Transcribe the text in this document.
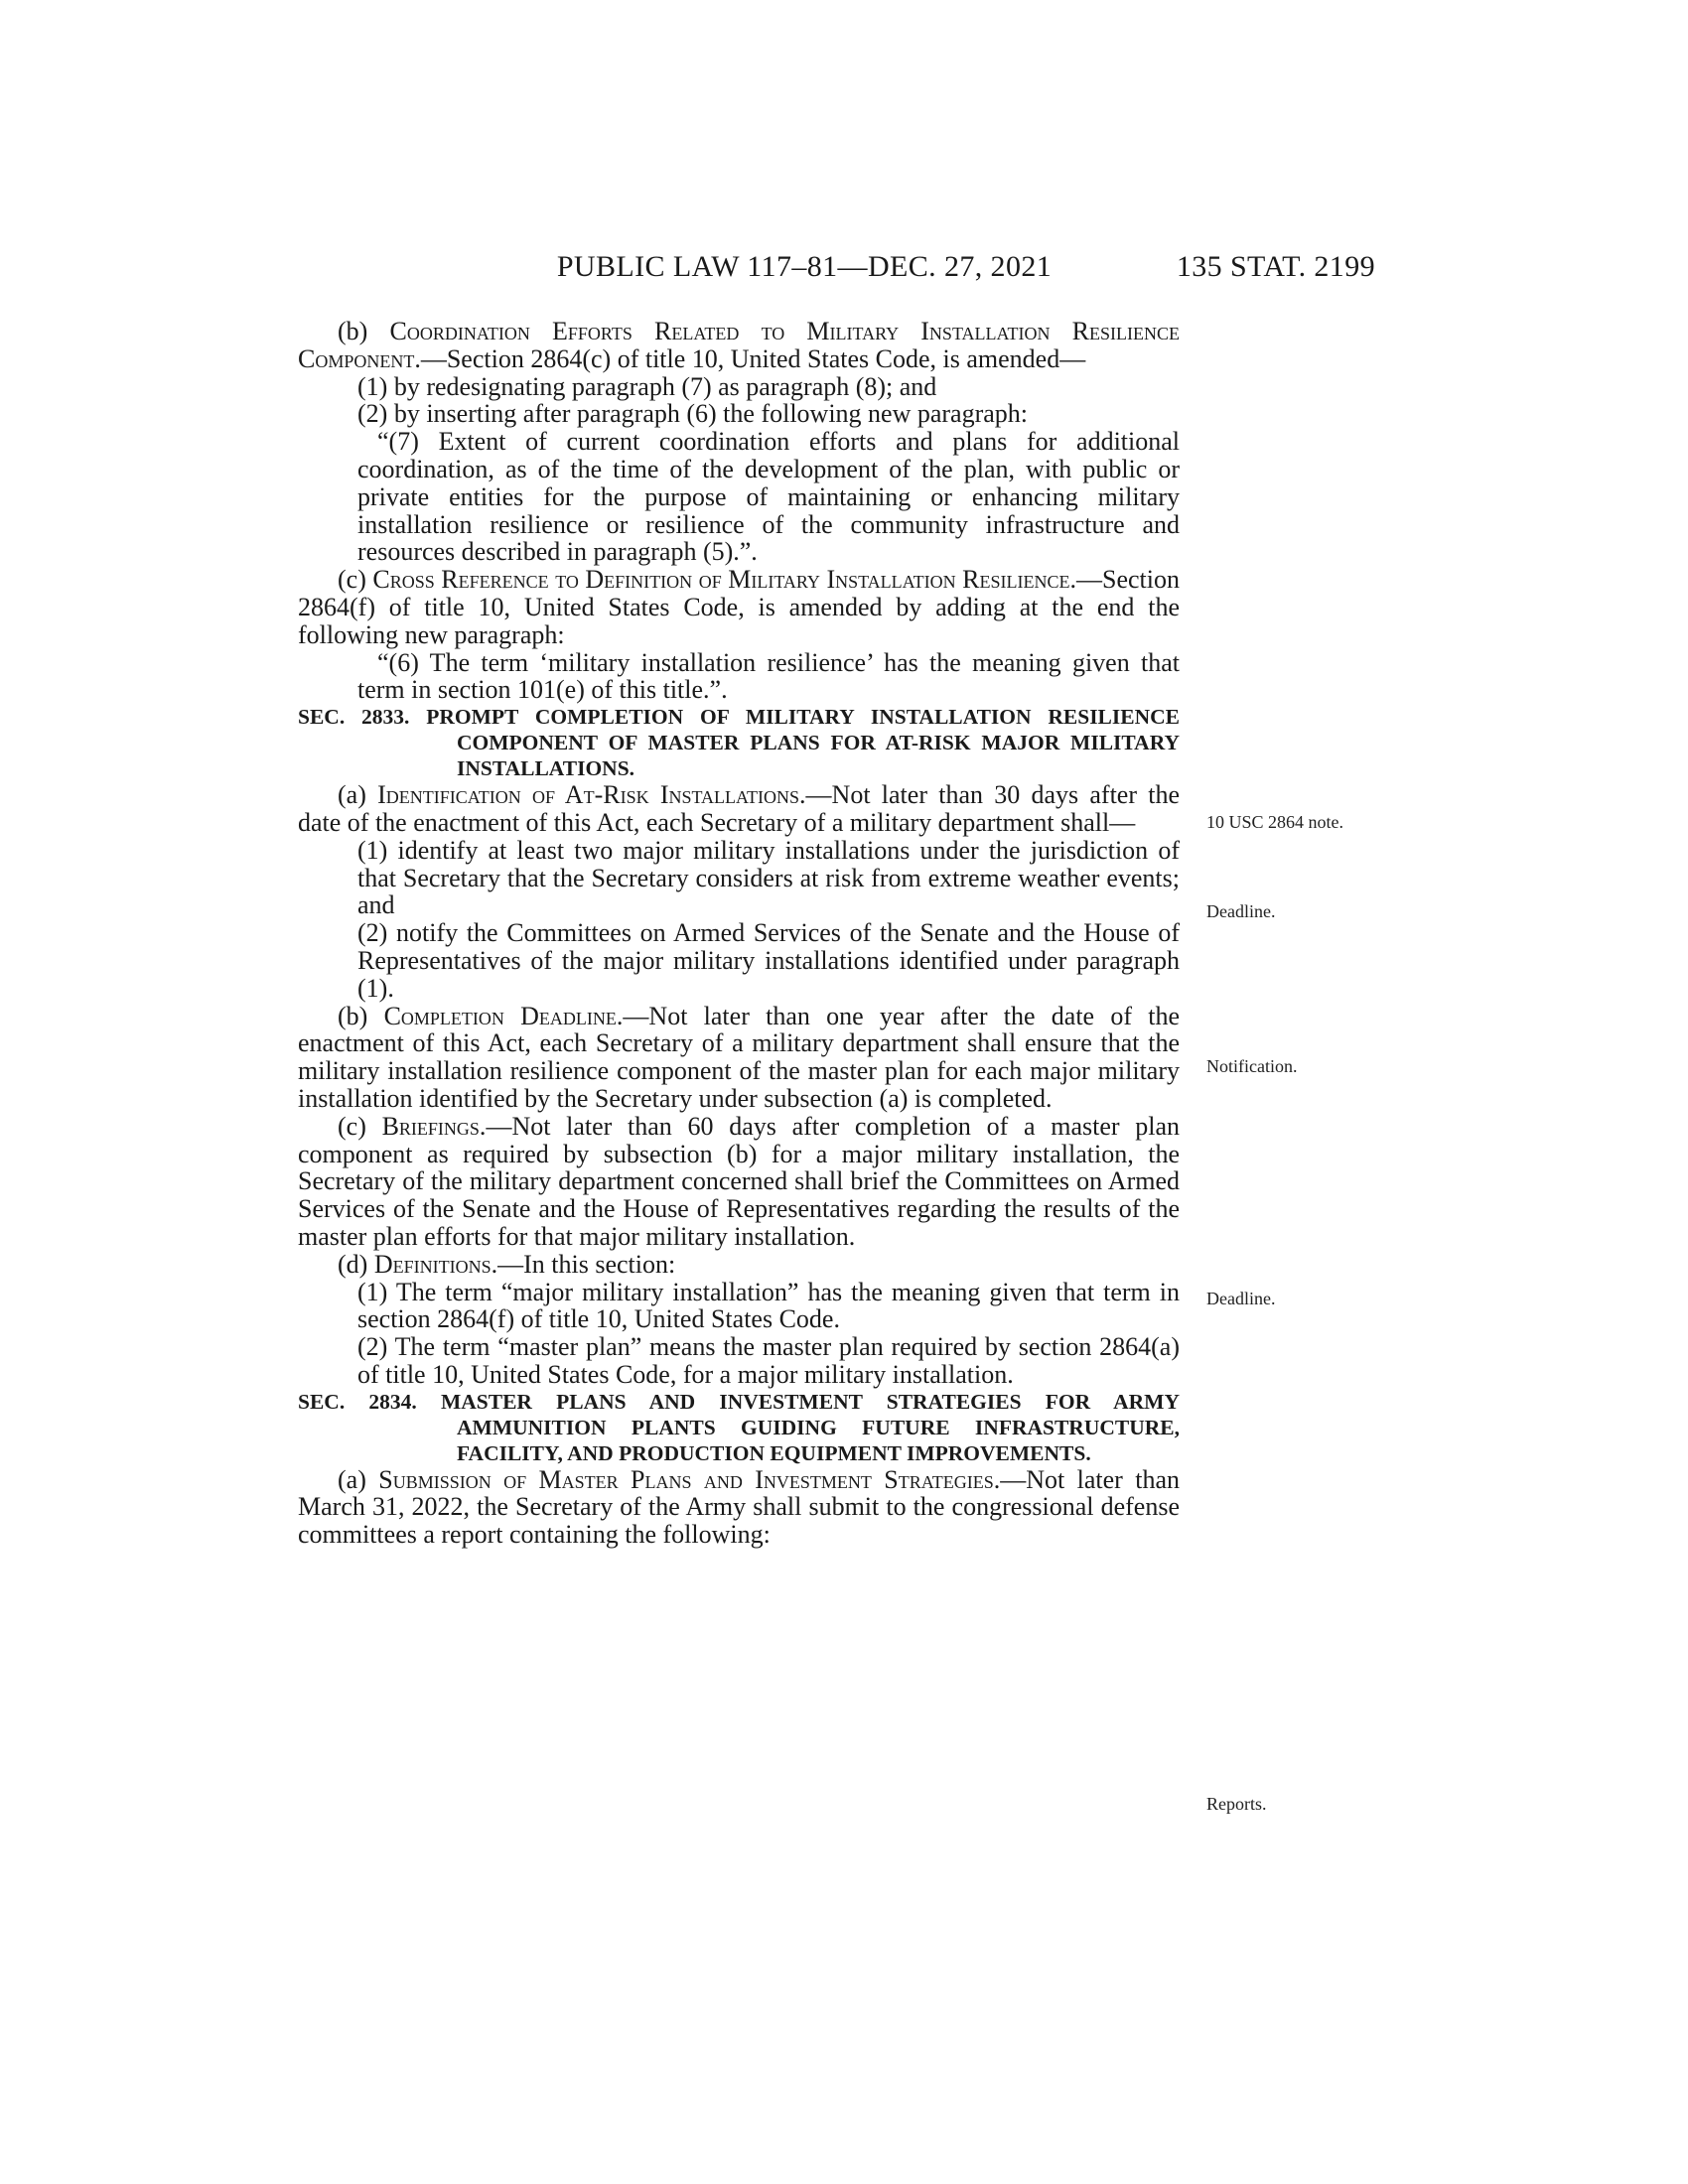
PUBLIC LAW 117–81—DEC. 27, 2021	135 STAT. 2199

(b) Coordination Efforts Related to Military Installation Resilience Component.—Section 2864(c) of title 10, United States Code, is amended—

(1) by redesignating paragraph (7) as paragraph (8); and

(2) by inserting after paragraph (6) the following new paragraph:

“(7) Extent of current coordination efforts and plans for additional coordination, as of the time of the development of the plan, with public or private entities for the purpose of maintaining or enhancing military installation resilience or resilience of the community infrastructure and resources described in paragraph (5).”.

(c) Cross Reference to Definition of Military Installation Resilience.—Section 2864(f) of title 10, United States Code, is amended by adding at the end the following new paragraph:

“(6) The term ‘military installation resilience’ has the meaning given that term in section 101(e) of this title.”.

SEC. 2833. PROMPT COMPLETION OF MILITARY INSTALLATION RESILIENCE COMPONENT OF MASTER PLANS FOR AT-RISK MAJOR MILITARY INSTALLATIONS.

(a) Identification of At-Risk Installations.—Not later than 30 days after the date of the enactment of this Act, each Secretary of a military department shall—

(1) identify at least two major military installations under the jurisdiction of that Secretary that the Secretary considers at risk from extreme weather events; and

(2) notify the Committees on Armed Services of the Senate and the House of Representatives of the major military installations identified under paragraph (1).

(b) Completion Deadline.—Not later than one year after the date of the enactment of this Act, each Secretary of a military department shall ensure that the military installation resilience component of the master plan for each major military installation identified by the Secretary under subsection (a) is completed.

(c) Briefings.—Not later than 60 days after completion of a master plan component as required by subsection (b) for a major military installation, the Secretary of the military department concerned shall brief the Committees on Armed Services of the Senate and the House of Representatives regarding the results of the master plan efforts for that major military installation.

(d) Definitions.—In this section:

(1) The term “major military installation” has the meaning given that term in section 2864(f) of title 10, United States Code.

(2) The term “master plan” means the master plan required by section 2864(a) of title 10, United States Code, for a major military installation.

SEC. 2834. MASTER PLANS AND INVESTMENT STRATEGIES FOR ARMY AMMUNITION PLANTS GUIDING FUTURE INFRASTRUCTURE, FACILITY, AND PRODUCTION EQUIPMENT IMPROVEMENTS.

(a) Submission of Master Plans and Investment Strategies.—Not later than March 31, 2022, the Secretary of the Army shall submit to the congressional defense committees a report containing the following:

10 USC 2864 note.
Deadline.
Notification.
Deadline.
Reports.
